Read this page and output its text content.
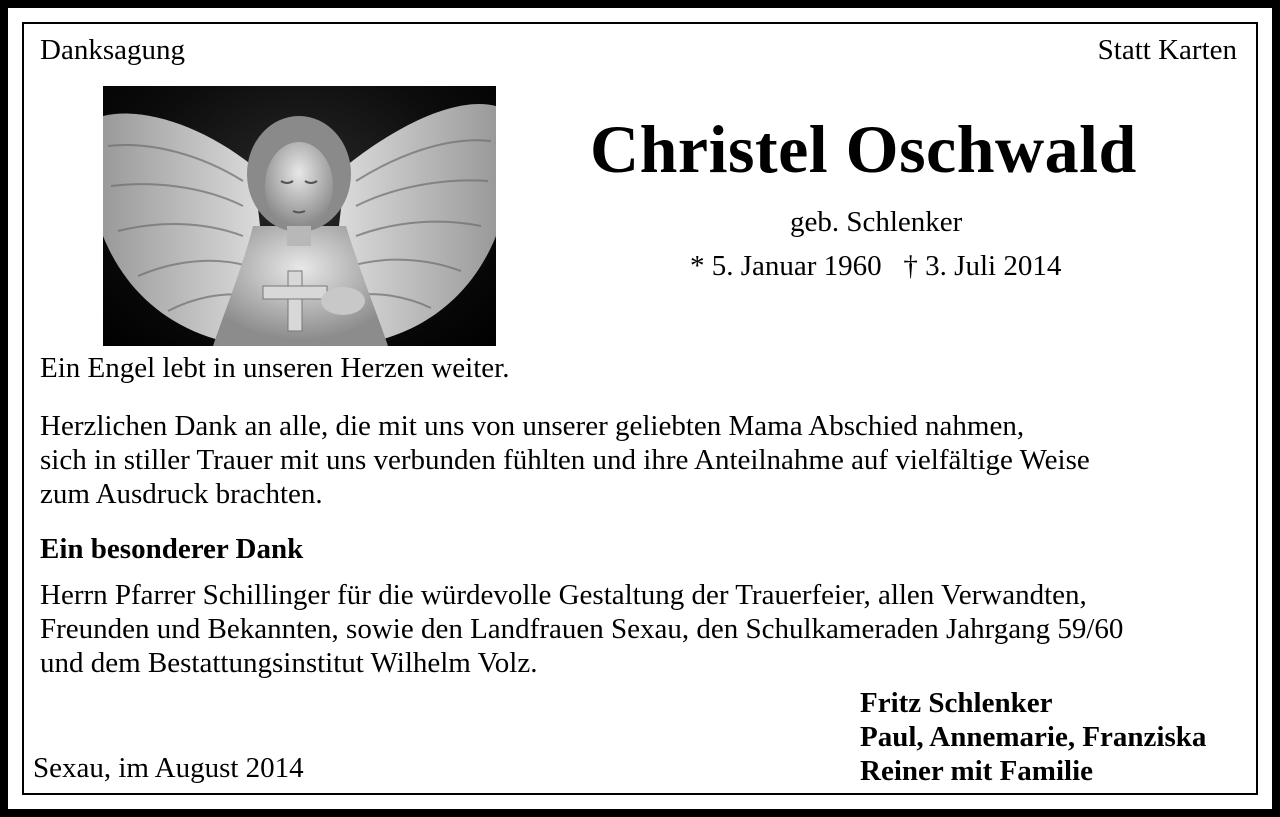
Danksagung	Statt Karten
Christel Oschwald
geb. Schlenker
* 5. Januar 1960   † 3. Juli 2014
Ein Engel lebt in unseren Herzen weiter.
Herzlichen Dank an alle, die mit uns von unserer geliebten Mama Abschied nahmen,
sich in stiller Trauer mit uns verbunden fühlten und ihre Anteilnahme auf vielfältige Weise
zum Ausdruck brachten.
Ein besonderer Dank
Herrn Pfarrer Schillinger für die würdevolle Gestaltung der Trauerfeier, allen Verwandten,
Freunden und Bekannten, sowie den Landfrauen Sexau, den Schulkameraden Jahrgang 59/60
und dem Bestattungsinstitut Wilhelm Volz.
Fritz Schlenker
Paul, Annemarie, Franziska
Reiner mit Familie
Sexau, im August 2014
